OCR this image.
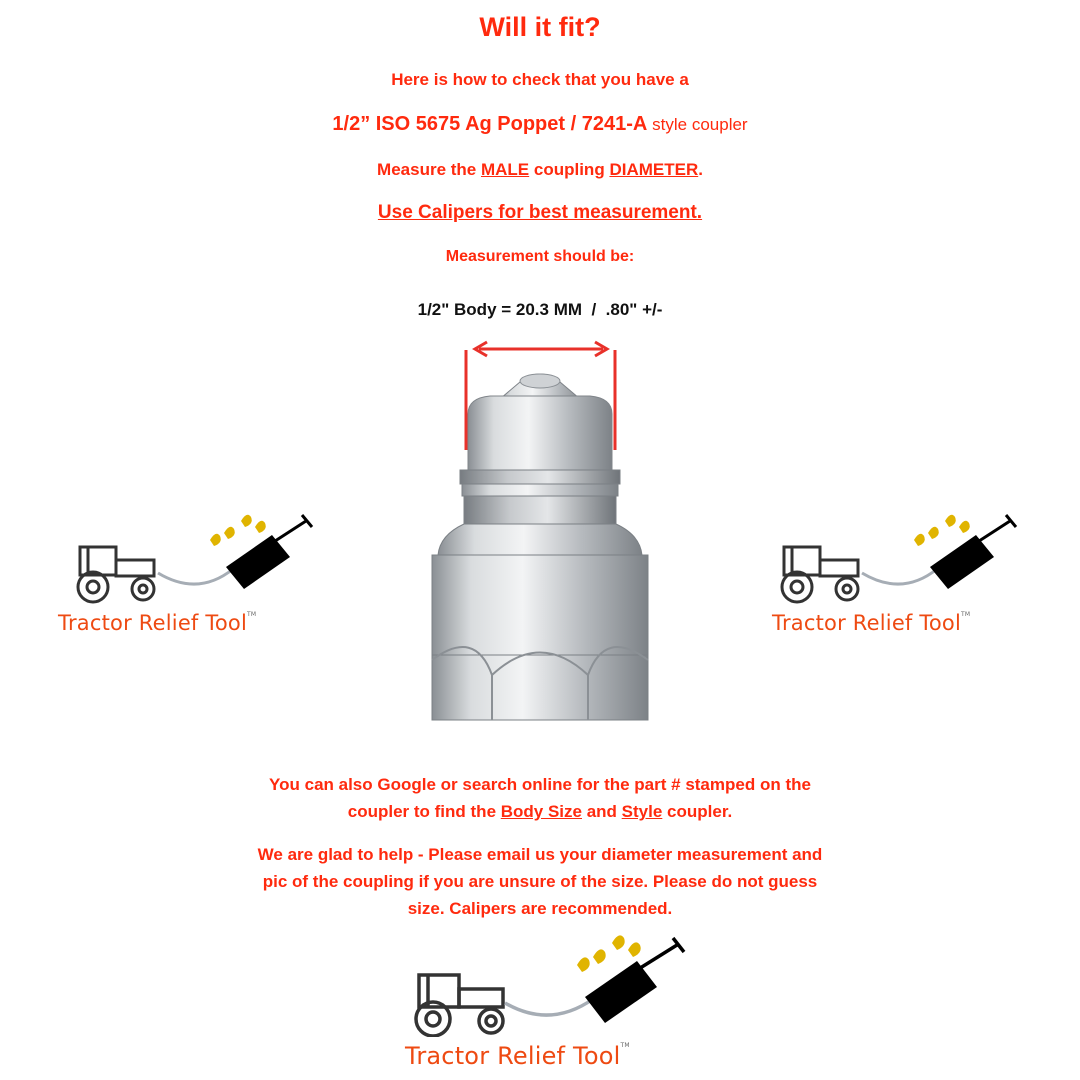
Will it fit?
Here is how to check that you have a
1/2” ISO 5675 Ag Poppet / 7241-A style coupler
Measure the MALE coupling DIAMETER.
Use Calipers for best measurement.
Measurement should be:
1/2" Body = 20.3 MM  /  .80" +/-
Tractor Relief Tool™	Tractor Relief Tool™
You can also Google or search online for the part # stamped on the
coupler to find the Body Size and Style coupler.
We are glad to help - Please email us your diameter measurement and
pic of the coupling if you are unsure of the size. Please do not guess
size. Calipers are recommended.
Tractor Relief Tool™
